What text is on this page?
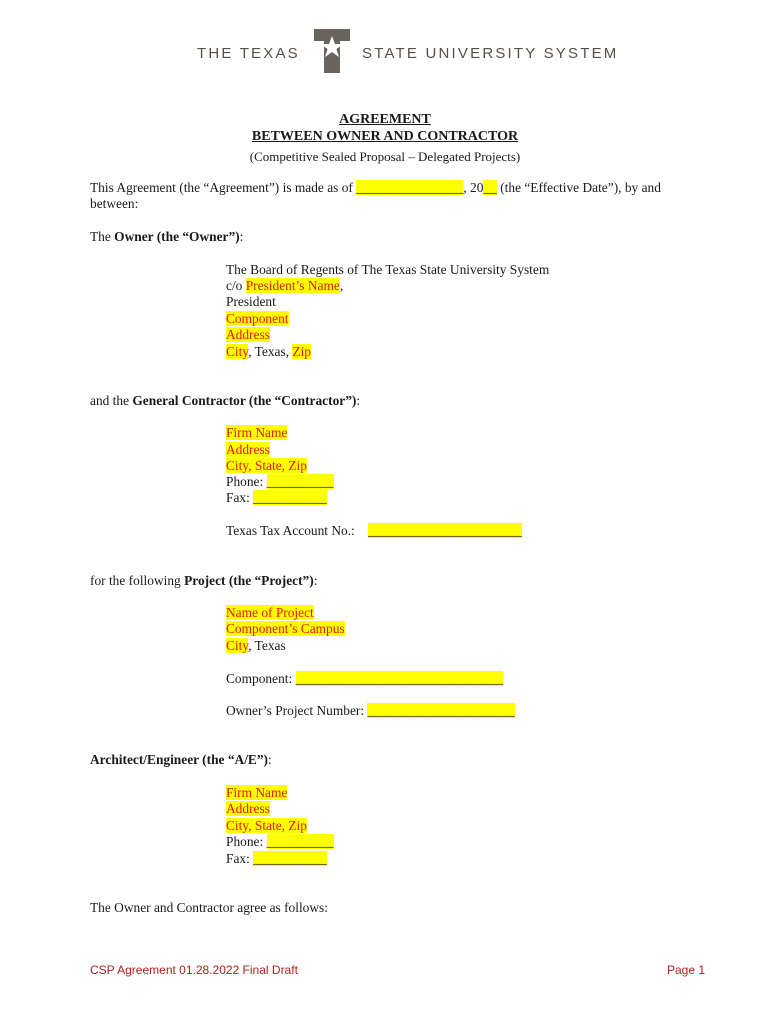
THE TEXAS	STATE UNIVERSITY SYSTEM
AGREEMENT
BETWEEN OWNER AND CONTRACTOR
(Competitive Sealed Proposal – Delegated Projects)
This Agreement (the “Agreement”) is made as of ________________, 20__ (the “Effective Date”), by and
between:
The Owner (the “Owner”):
The Board of Regents of The Texas State University System
c/o President’s Name,
President
Component
Address
City, Texas, Zip
and the General Contractor (the “Contractor”):
Firm Name
Address
City, State, Zip
Phone: __________
Fax: ___________
Texas Tax Account No.: _______________________
for the following Project (the “Project”):
Name of Project
Component’s Campus
City, Texas
Component: _______________________________
Owner’s Project Number: ______________________
Architect/Engineer (the “A/E”):
Firm Name
Address
City, State, Zip
Phone: __________
Fax: ___________
The Owner and Contractor agree as follows:
CSP Agreement 01.28.2022 Final Draft	Page 1
